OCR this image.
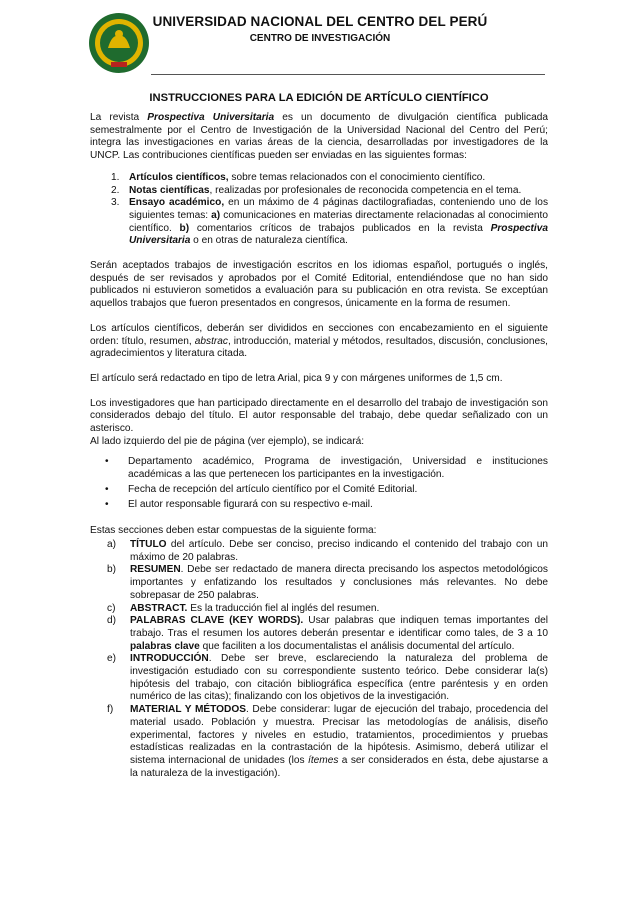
UNIVERSIDAD NACIONAL DEL CENTRO DEL PERÚ
CENTRO DE INVESTIGACIÓN
INSTRUCCIONES PARA LA EDICIÓN DE ARTÍCULO CIENTÍFICO

La revista Prospectiva Universitaria es un documento de divulgación científica publicada semestralmente por el Centro de Investigación de la Universidad Nacional del Centro del Perú; integra las investigaciones en varias áreas de la ciencia, desarrolladas por investigadores de la UNCP. Las contribuciones científicas pueden ser enviadas en las siguientes formas:

1. Artículos científicos, sobre temas relacionados con el conocimiento científico.
2. Notas científicas, realizadas por profesionales de reconocida competencia en el tema.
3. Ensayo académico, en un máximo de 4 páginas dactilografiadas, conteniendo uno de los siguientes temas: a) comunicaciones en materias directamente relacionadas al conocimiento científico. b) comentarios críticos de trabajos publicados en la revista Prospectiva Universitaria o en otras de naturaleza científica.

Serán aceptados trabajos de investigación escritos en los idiomas español, portugués o inglés, después de ser revisados y aprobados por el Comité Editorial, entendiéndose que no han sido publicados ni estuvieron sometidos a evaluación para su publicación en otra revista. Se exceptúan aquellos trabajos que fueron presentados en congresos, únicamente en la forma de resumen.

Los artículos científicos, deberán ser divididos en secciones con encabezamiento en el siguiente orden: título, resumen, abstrac, introducción, material y métodos, resultados, discusión, conclusiones, agradecimientos y literatura citada.

El artículo será redactado en tipo de letra Arial, pica 9 y con márgenes uniformes de 1,5 cm.

Los investigadores que han participado directamente en el desarrollo del trabajo de investigación son considerados debajo del título. El autor responsable del trabajo, debe quedar señalizado con un asterisco.

Al lado izquierdo del pie de página (ver ejemplo), se indicará:

• Departamento académico, Programa de investigación, Universidad e instituciones académicas a las que pertenecen los participantes en la investigación.
• Fecha de recepción del artículo científico por el Comité Editorial.
• El autor responsable figurará con su respectivo e-mail.

Estas secciones deben estar compuestas de la siguiente forma:

a) TÍTULO del artículo. Debe ser conciso, preciso indicando el contenido del trabajo con un máximo de 20 palabras.
b) RESUMEN. Debe ser redactado de manera directa precisando los aspectos metodológicos importantes y enfatizando los resultados y conclusiones más relevantes. No debe sobrepasar de 250 palabras.
c) ABSTRACT. Es la traducción fiel al inglés del resumen.
d) PALABRAS CLAVE (KEY WORDS). Usar palabras que indiquen temas importantes del trabajo. Tras el resumen los autores deberán presentar e identificar como tales, de 3 a 10 palabras clave que faciliten a los documentalistas el análisis documental del artículo.
e) INTRODUCCIÓN. Debe ser breve, esclareciendo la naturaleza del problema de investigación estudiado con su correspondiente sustento teórico. Debe considerar la(s) hipótesis del trabajo, con citación bibliográfica específica (entre paréntesis y en orden numérico de las citas); finalizando con los objetivos de la investigación.
f) MATERIAL Y MÉTODOS. Debe considerar: lugar de ejecución del trabajo, procedencia del material usado. Población y muestra. Precisar las metodologías de análisis, diseño experimental, factores y niveles en estudio, tratamientos, procedimientos y pruebas estadísticas realizadas en la contrastación de la hipótesis. Asimismo, deberá utilizar el sistema internacional de unidades (los ítemes a ser considerados en ésta, debe ajustarse a la naturaleza de la investigación).
